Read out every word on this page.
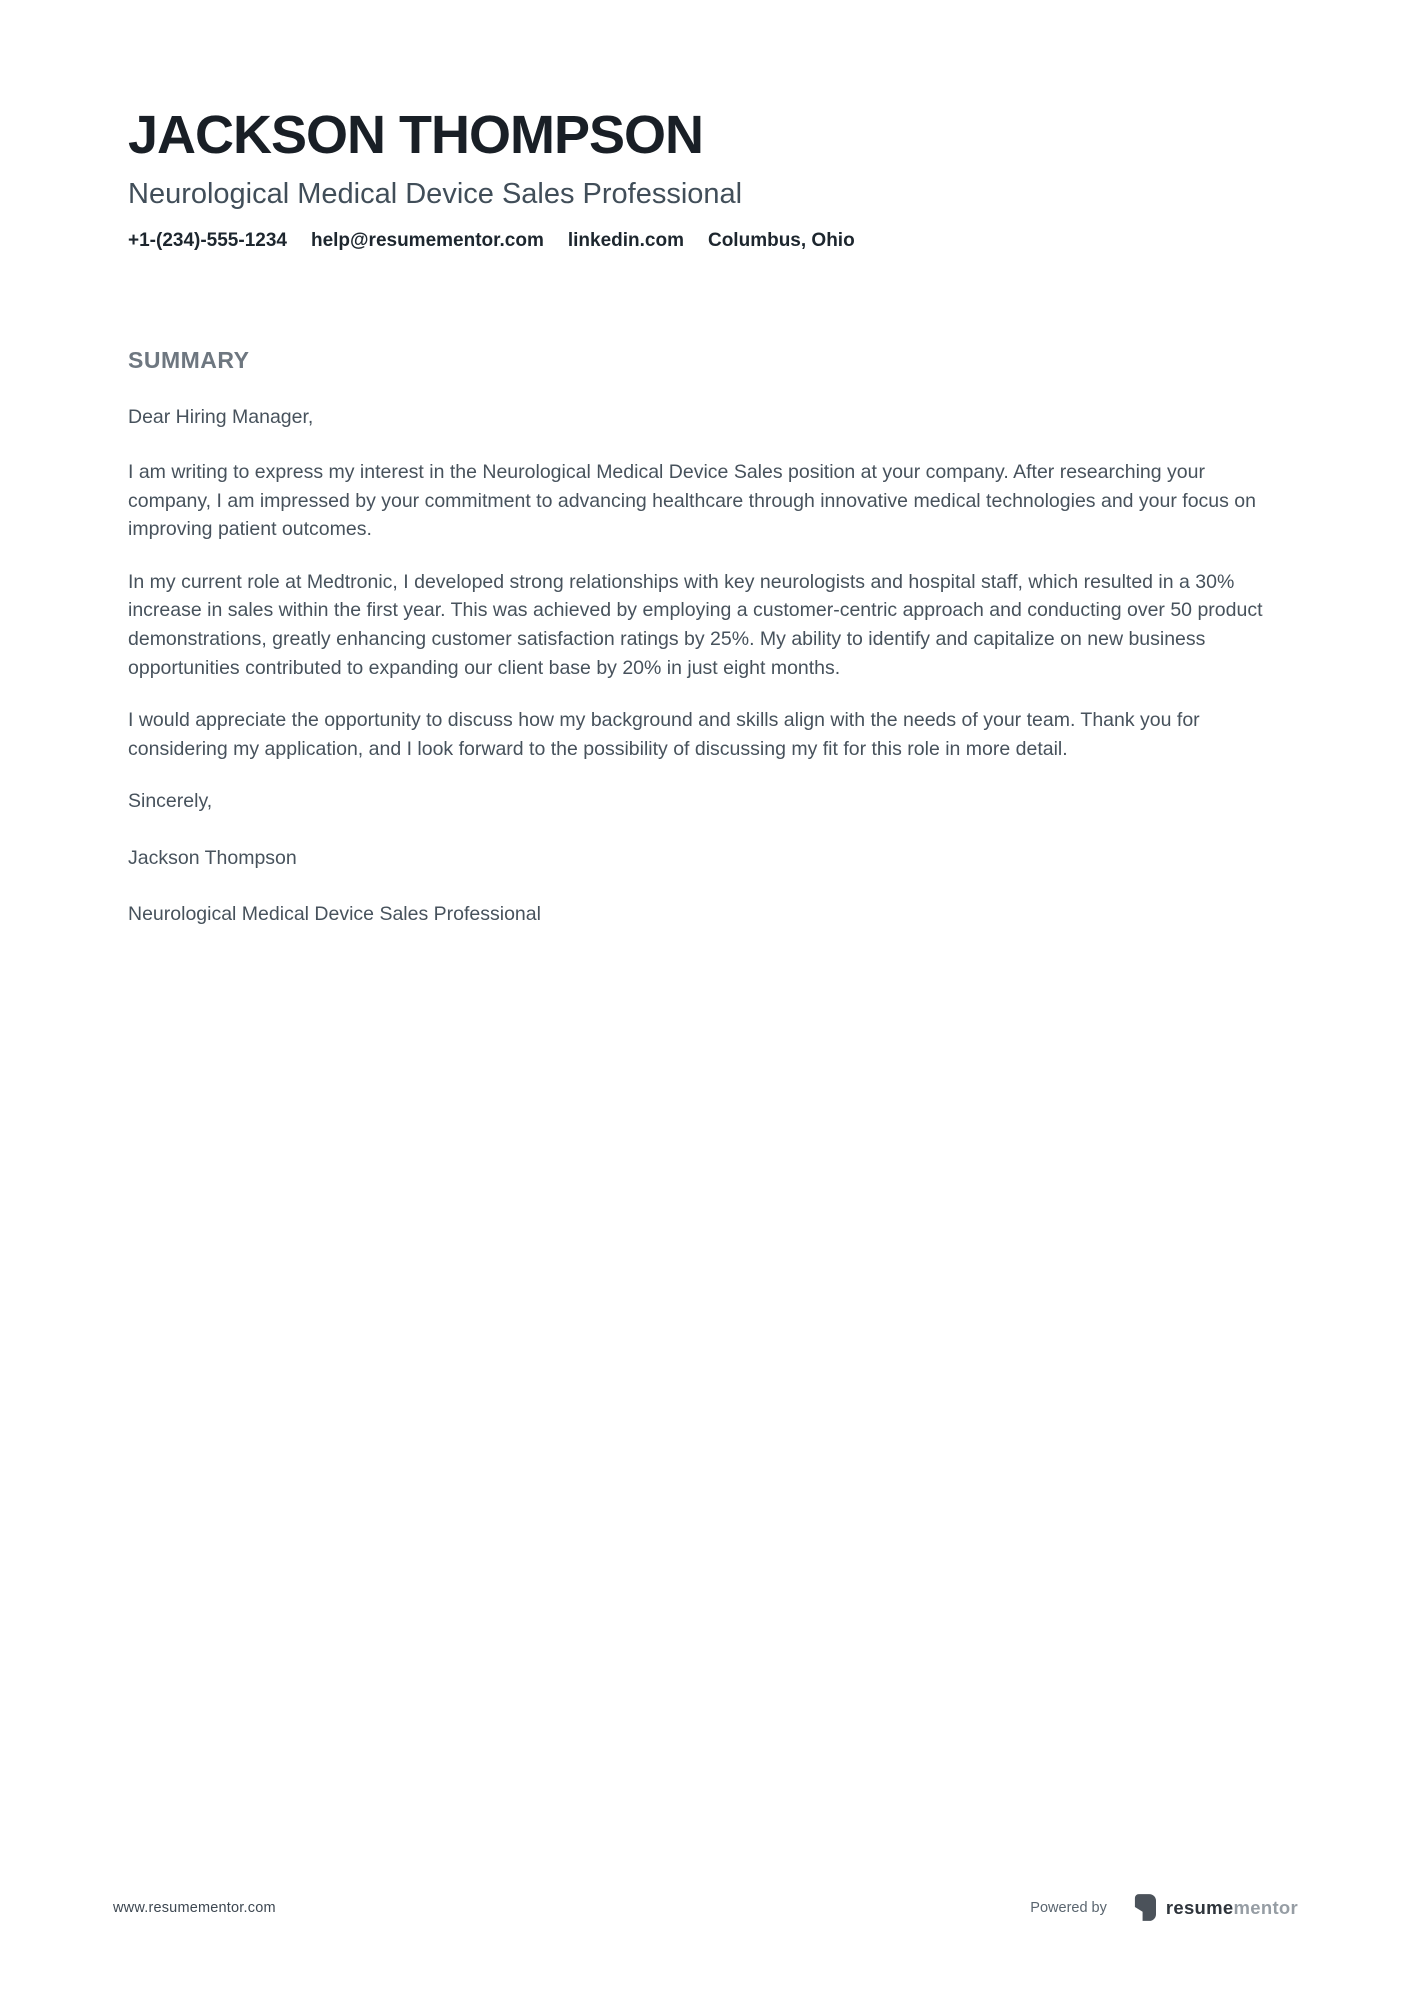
JACKSON THOMPSON
Neurological Medical Device Sales Professional
+1-(234)-555-1234 help@resumementor.com linkedin.com Columbus, Ohio
SUMMARY

Dear Hiring Manager,

I am writing to express my interest in the Neurological Medical Device Sales position at your company. After researching your company, I am impressed by your commitment to advancing healthcare through innovative medical technologies and your focus on improving patient outcomes.

In my current role at Medtronic, I developed strong relationships with key neurologists and hospital staff, which resulted in a 30% increase in sales within the first year. This was achieved by employing a customer-centric approach and conducting over 50 product demonstrations, greatly enhancing customer satisfaction ratings by 25%. My ability to identify and capitalize on new business opportunities contributed to expanding our client base by 20% in just eight months.

I would appreciate the opportunity to discuss how my background and skills align with the needs of your team. Thank you for considering my application, and I look forward to the possibility of discussing my fit for this role in more detail.

Sincerely,

Jackson Thompson

Neurological Medical Device Sales Professional

www.resumementor.com	Powered by	resumementor
